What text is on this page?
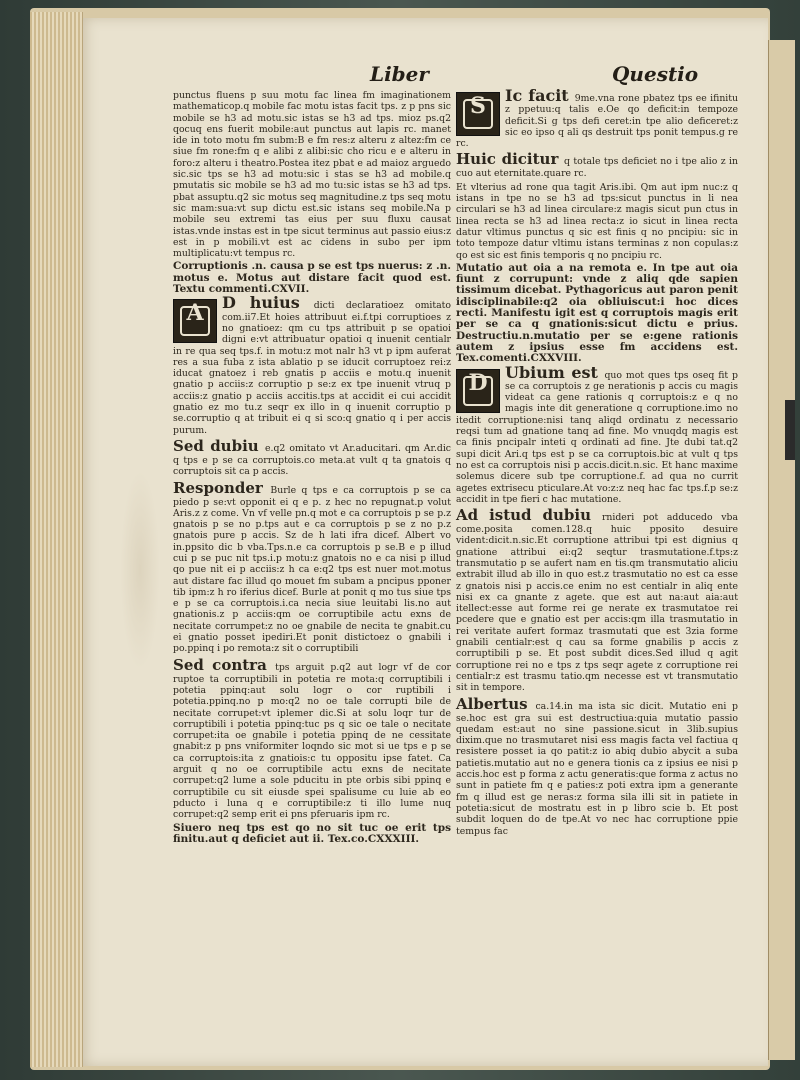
Liber	Questio
punctus fluens p suu motu fac linea fm imaginationem mathematicop.q mobile fac motu istas facit tps. z p pns sic mobile se h3 ad motu.sic istas se h3 ad tps. mioz ps.q2 qocuq ens fuerit mobile:aut punctus aut lapis rc. manet ide in toto motu fm subm:B e fm res:z alteru z altez:fm ce siue fm rone:fm q e alibi z alibi:sic cho ricu e e alteru in foro:z alteru i theatro.Postea itez pbat e ad maioz arguedo sic.sic tps se h3 ad motu:sic i stas se h3 ad mobile.q pmutatis sic mobile se h3 ad mo tu:sic istas se h3 ad tps. pbat assuptu.q2 sic motus seq magnitudine.z tps seq motu sic mam:sua:vt sup dictu est.sic istans seq mobile.Na p mobile seu extremi tas eius per suu fluxu causat istas.vnde instas est in tpe sicut terminus aut passio eius:z est in p mobili.vt est ac cidens in subo per ipm multiplicatu:vt tempus rc.
Corruptionis .n. causa p se est tps nuerus: z .n. motus e. Motus aut distare facit quod est. Textu commenti.CXVII.
A	D huius dicti declaratioez omitato com.ii7.Et hoies attribuut ei.f.tpi corruptioes z no gnatioez: qm cu tps attribuit p se opatioi digni e:vt attribuatur opatioi q inuenit centialr in re qua seq tps.f. in motu:z mot nalr h3 vt p ipm auferat res a sua fuba z ista ablatio p se iducit corruptoez rei:z iducat gnatoez i reb gnatis p acciis e motu.q inuenit gnatio p acciis:z corruptio p se:z ex tpe inuenit vtruq p acciis:z gnatio p acciis accitis.tps at accidit ei cui accidit gnatio ez mo tu.z seqr ex illo in q inuenit corruptio p se.corruptio q at tribuit ei q si sco:q gnatio q i per accis purum.
Sed dubiu e.q2 omitato vt Ar.aducitari. qm Ar.dic q tps e p se ca corruptois.co meta.at vult q ta gnatois q corruptois sit ca p accis.
Responder Burle q tps e ca corruptois p se ca piedo p se:vt opponit ei q e p. z hec no repugnat.p volut Aris.z z come. Vn vf velle pn.q mot e ca corruptois p se p.z gnatois p se no p.tps aut e ca corruptois p se z no p.z gnatois pure p accis. Sz de h lati ifra dicef. Albert vo in.ppsito dic b vba.Tps.n.e ca corruptois p se.B e p illud cui p se puc nit tps.i.p motu:z gnatois no e ca nisi p illud qo pue nit ei p acciis:z h ca e:q2 tps est nuer mot.motus aut distare fac illud qo mouet fm subam a pncipus pponer tib ipm:z h ro iferius dicef. Burle at ponit q mo tus siue tps e p se ca corruptois.i.ca necia siue leuitabi lis.no aut gnationis.z p acciis:qm oe corruptibile actu exns de necitate corrumpet:z no oe gnabile de necita te gnabit.cu ei gnatio posset ipediri.Et ponit distictoez o gnabili i po.ppinq i po remota:z sit o corruptibili
Sed contra tps arguit p.q2 aut logr vf de cor ruptoe ta corruptibili in potetia re mota:q corruptibili i potetia ppinq:aut solu logr o cor ruptibili i potetia.ppinq.no p mo:q2 no oe tale corrupti bile de necitate corrupet:vt iplemer dic.Si at solu loqr tur de corruptibili i potetia ppinq:tuc ps q sic oe tale o necitate corrupet:ita oe gnabile i potetia ppinq de ne cessitate gnabit:z p pns vniformiter loqndo sic mot si ue tps e p se ca corruptois:ita z gnatiois:c tu oppositu ipse fatet. Ca arguit q no oe corruptibile actu exns de necitate corrupet:q2 lume a sole pducitu in pte orbis sibi ppinq e corruptibile cu sit eiusde spei spalisume cu luie ab eo pducto i luna q e corruptibile:z ti illo lume nuq corrupet:q2 semp erit ei pns pferuaris ipm rc.
Siuero neq tps est qo no sit tuc oe erit tps finitu.aut q deficiet aut ii. Tex.co.CXXXIII.
S	Ic facit 9me.vna rone pbatez tps ee ifinitu z ppetuu:q talis e.Oe qo deficit:in tempoze deficit.Si g tps defi ceret:in tpe alio deficeret:z sic eo ipso q ali qs destruit tps ponit tempus.g re rc.
Huic dicitur q totale tps deficiet no i tpe alio z in cuo aut eternitate.quare rc.
Et vlterius ad rone qua tagit Aris.ibi. Qm aut ipm nuc:z q istans in tpe no se h3 ad tps:sicut punctus in li nea circulari se h3 ad linea circulare:z magis sicut pun ctus in linea recta se h3 ad linea recta:z io sicut in linea recta datur vltimus punctus q sic est finis q no pncipiu: sic in toto tempoze datur vltimu istans terminas z non copulas:z qo est sic est finis temporis q no pncipiu rc.
Mutatio aut oia a na remota e. In tpe aut oia fiunt z corrupunt: vnde z aliq qde sapien tissimum dicebat. Pythagoricus aut paron penit idisciplinabile:q2 oia obliuiscut:i hoc dices recti. Manifestu igit est q corruptois magis erit per se ca q gnationis:sicut dictu e prius. Destructiu.n.mutatio per se e:gene rationis autem z ipsius esse fm accidens est. Tex.comenti.CXXVIII.
D	Ubium est quo mot ques tps oseq fit p se ca corruptois z ge nerationis p accis cu magis videat ca gene rationis q corruptois:z e q no magis inte dit generatione q corruptione.imo no itedit corruptione:nisi tanq aliqd ordinatu z necessario reqsi tum ad gnatione tanq ad fine. Mo vnuqdq magis est ca finis pncipalr inteti q ordinati ad fine. Jte dubi tat.q2 supi dicit Ari.q tps est p se ca corruptois.bic at vult q tps no est ca corruptois nisi p accis.dicit.n.sic. Et hanc maxime solemus dicere sub tpe corruptione.f. ad qua no currit agetes extrisecu pticulare.At vo:z:z neq hac fac tps.f.p se:z accidit in tpe fieri c hac mutatione.
Ad istud dubiu rnideri pot adducedo vba come.posita comen.128.q huic pposito desuire vident:dicit.n.sic.Et corruptione attribui tpi est dignius q gnatione attribui ei:q2 seqtur trasmutatione.f.tps:z transmutatio p se aufert nam en tis.qm transmutatio aliciu extrabit illud ab illo in quo est.z trasmutatio no est ca esse z gnatois nisi p accis.ce enim no est centialr in aliq ente nisi ex ca gnante z agete. que est aut na:aut aia:aut itellect:esse aut forme rei ge nerate ex trasmutatoe rei pcedere que e gnatio est per accis:qm illa trasmutatio in rei veritate aufert formaz trasmutati que est 3zia forme gnabili centialr:est q cau sa forme gnabilis p accis z corruptibili p se. Et post subdit dices.Sed illud q agit corruptione rei no e tps z tps seqr agete z corruptione rei centialr:z est trasmu tatio.qm necesse est vt transmutatio sit in tempore.
Albertus ca.14.in ma ista sic dicit. Mutatio eni p se.hoc est gra sui est destructiua:quia mutatio passio quedam est:aut no sine passione.sicut in 3lib.supius dixim.que no trasmutaret nisi ess magis facta vel factiua q resistere posset ia qo patit:z io abiq dubio abycit a suba patietis.mutatio aut no e genera tionis ca z ipsius ee nisi p accis.hoc est p forma z actu generatis:que forma z actus no sunt in patiete fm q e paties:z poti extra ipm a generante fm q illud est ge neras:z forma sila illi sit in patiete in potetia:sicut de mostratu est in p libro scie b. Et post subdit loquen do de tpe.At vo nec hac corruptione ppie tempus fac
